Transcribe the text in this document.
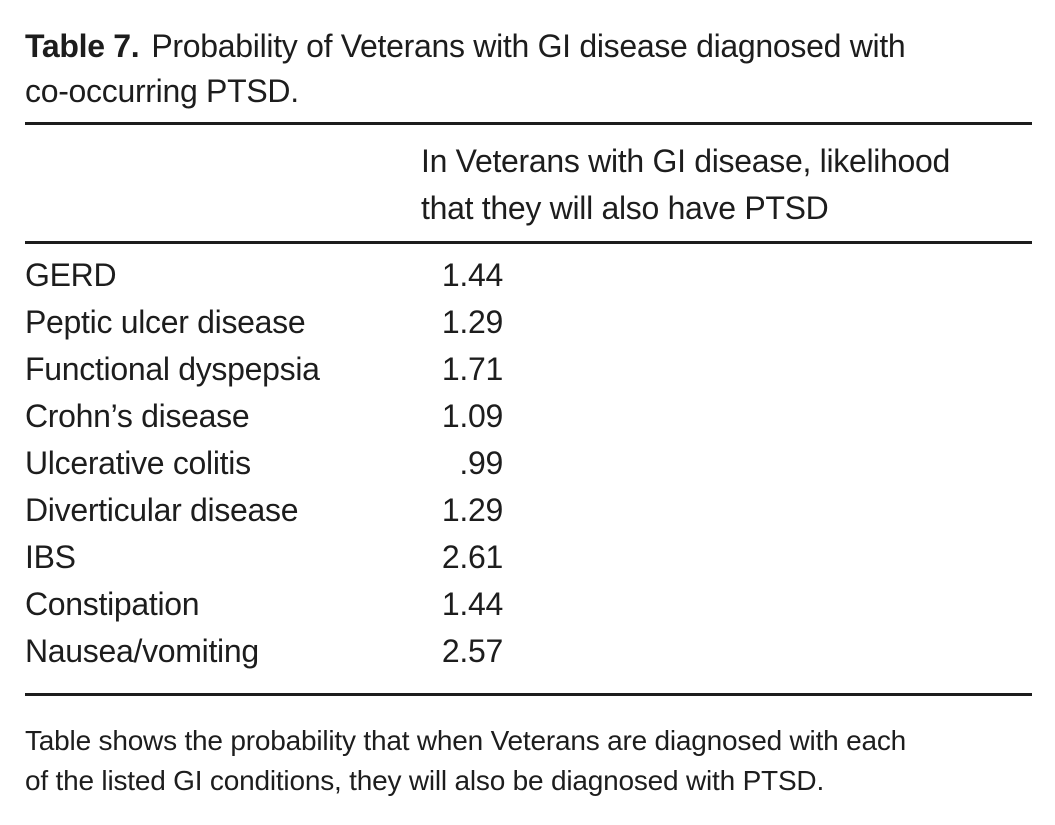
Table 7. Probability of Veterans with GI disease diagnosed with
co-occurring PTSD.
In Veterans with GI disease, likelihood
that they will also have PTSD
GERD	1.44
Peptic ulcer disease	1.29
Functional dyspepsia	1.71
Crohn’s disease	1.09
Ulcerative colitis	.99
Diverticular disease	1.29
IBS	2.61
Constipation	1.44
Nausea/vomiting	2.57
Table shows the probability that when Veterans are diagnosed with each
of the listed GI conditions, they will also be diagnosed with PTSD.
